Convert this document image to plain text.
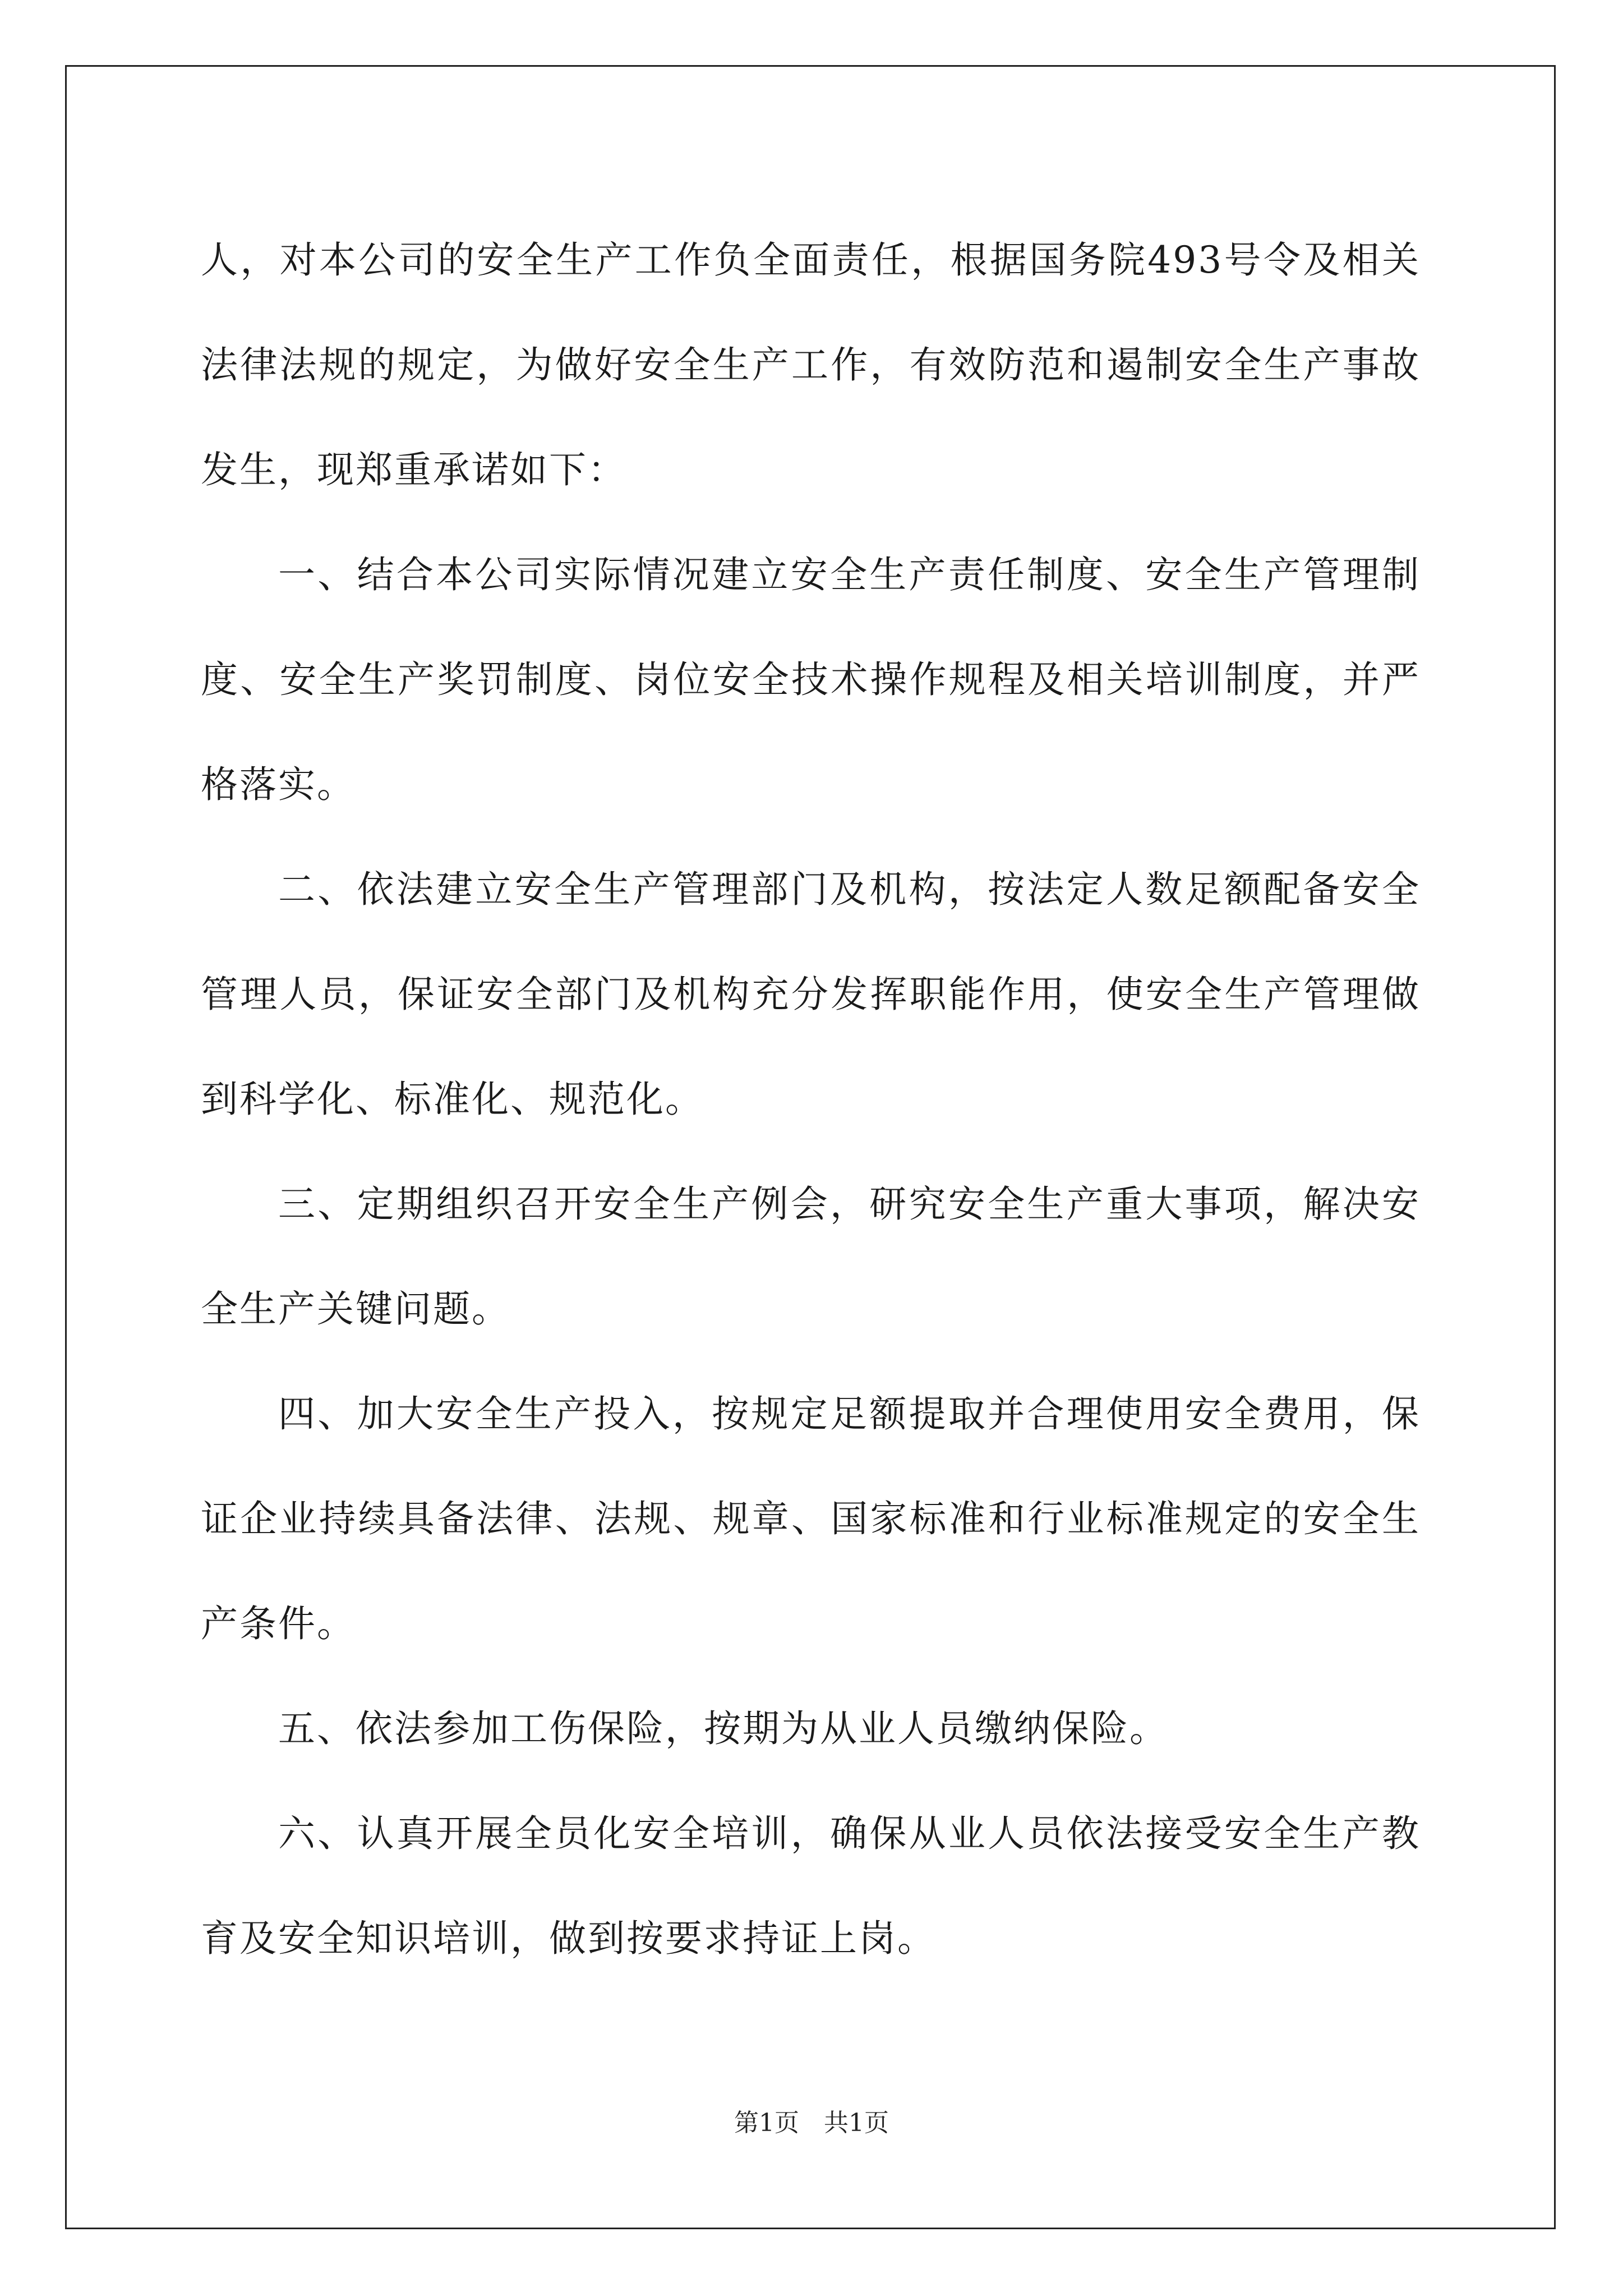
人，对本公司的安全生产工作负全面责任，根据国务院493号令及相关法律法规的规定，为做好安全生产工作，有效防范和遏制安全生产事故发生，现郑重承诺如下：

一、结合本公司实际情况建立安全生产责任制度、安全生产管理制度、安全生产奖罚制度、岗位安全技术操作规程及相关培训制度，并严格落实。

二、依法建立安全生产管理部门及机构，按法定人数足额配备安全管理人员，保证安全部门及机构充分发挥职能作用，使安全生产管理做到科学化、标准化、规范化。

三、定期组织召开安全生产例会，研究安全生产重大事项，解决安全生产关键问题。

四、加大安全生产投入，按规定足额提取并合理使用安全费用，保证企业持续具备法律、法规、规章、国家标准和行业标准规定的安全生产条件。

五、依法参加工伤保险，按期为从业人员缴纳保险。

六、认真开展全员化安全培训，确保从业人员依法接受安全生产教育及安全知识培训，做到按要求持证上岗。

第1页　共1页
